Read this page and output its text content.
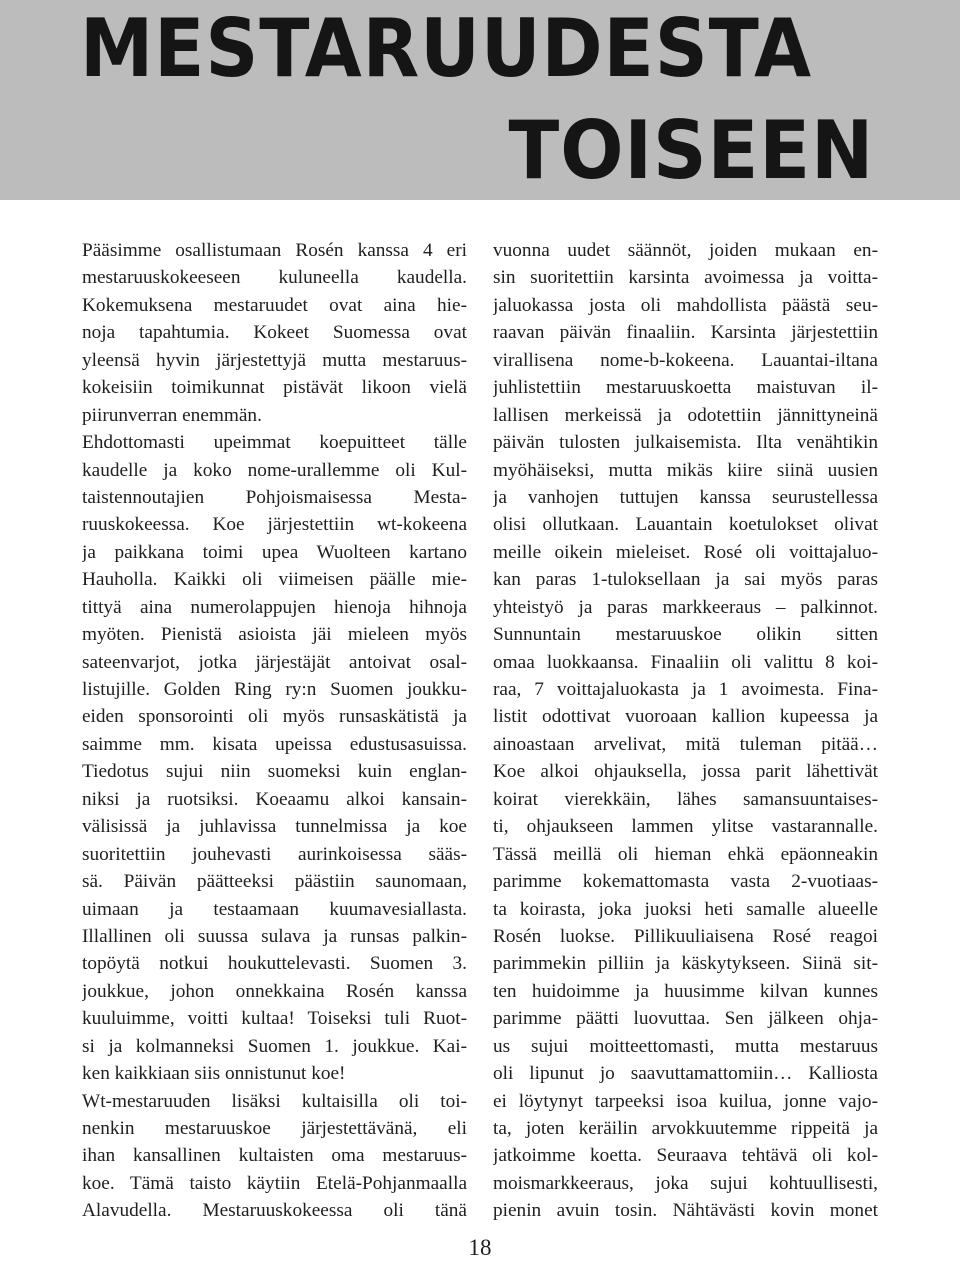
MESTARUUDESTA
TOISEEN
Pääsimme osallistumaan Rosén kanssa 4 eri
mestaruuskokeeseen kuluneella kaudella.
Kokemuksena mestaruudet ovat aina hie-
noja tapahtumia. Kokeet Suomessa ovat
yleensä hyvin järjestettyjä mutta mestaruus-
kokeisiin toimikunnat pistävät likoon vielä
piirunverran enemmän.
Ehdottomasti upeimmat koepuitteet tälle
kaudelle ja koko nome-urallemme oli Kul-
taistennoutajien Pohjoismaisessa Mesta-
ruuskokeessa. Koe järjestettiin wt-kokeena
ja paikkana toimi upea Wuolteen kartano
Hauholla. Kaikki oli viimeisen päälle mie-
tittyä aina numerolappujen hienoja hihnoja
myöten. Pienistä asioista jäi mieleen myös
sateenvarjot, jotka järjestäjät antoivat osal-
listujille. Golden Ring ry:n Suomen joukku-
eiden sponsorointi oli myös runsaskätistä ja
saimme mm. kisata upeissa edustusasuissa.
Tiedotus sujui niin suomeksi kuin englan-
niksi ja ruotsiksi. Koeaamu alkoi kansain-
välisissä ja juhlavissa tunnelmissa ja koe
suoritettiin jouhevasti aurinkoisessa sääs-
sä. Päivän päätteeksi päästiin saunomaan,
uimaan ja testaamaan kuumavesiallasta.
Illallinen oli suussa sulava ja runsas palkin-
topöytä notkui houkuttelevasti. Suomen 3.
joukkue, johon onnekkaina Rosén kanssa
kuuluimme, voitti kultaa! Toiseksi tuli Ruot-
si ja kolmanneksi Suomen 1. joukkue. Kai-
ken kaikkiaan siis onnistunut koe!
Wt-mestaruuden lisäksi kultaisilla oli toi-
nenkin mestaruuskoe järjestettävänä, eli
ihan kansallinen kultaisten oma mestaruus-
koe. Tämä taisto käytiin Etelä-Pohjanmaalla
Alavudella. Mestaruuskokeessa oli tänä
vuonna uudet säännöt, joiden mukaan en-
sin suoritettiin karsinta avoimessa ja voitta-
jaluokassa josta oli mahdollista päästä seu-
raavan päivän finaaliin. Karsinta järjestettiin
virallisena nome-b-kokeena. Lauantai-iltana
juhlistettiin mestaruuskoetta maistuvan il-
lallisen merkeissä ja odotettiin jännittyneinä
päivän tulosten julkaisemista. Ilta venähtikin
myöhäiseksi, mutta mikäs kiire siinä uusien
ja vanhojen tuttujen kanssa seurustellessa
olisi ollutkaan. Lauantain koetulokset olivat
meille oikein mieleiset. Rosé oli voittajaluo-
kan paras 1-tuloksellaan ja sai myös paras
yhteistyö ja paras markkeeraus – palkinnot.
Sunnuntain mestaruuskoe olikin sitten
omaa luokkaansa. Finaaliin oli valittu 8 koi-
raa, 7 voittajaluokasta ja 1 avoimesta. Fina-
listit odottivat vuoroaan kallion kupeessa ja
ainoastaan arvelivat, mitä tuleman pitää…
Koe alkoi ohjauksella, jossa parit lähettivät
koirat vierekkäin, lähes samansuuntaises-
ti, ohjaukseen lammen ylitse vastarannalle.
Tässä meillä oli hieman ehkä epäonneakin
parimme kokemattomasta vasta 2-vuotiaas-
ta koirasta, joka juoksi heti samalle alueelle
Rosén luokse. Pillikuuliaisena Rosé reagoi
parimmekin pilliin ja käskytykseen. Siinä sit-
ten huidoimme ja huusimme kilvan kunnes
parimme päätti luovuttaa. Sen jälkeen ohja-
us sujui moitteettomasti, mutta mestaruus
oli lipunut jo saavuttamattomiin… Kalliosta
ei löytynyt tarpeeksi isoa kuilua, jonne vajo-
ta, joten keräilin arvokkuutemme rippeitä ja
jatkoimme koetta. Seuraava tehtävä oli kol-
moismarkkeeraus, joka sujui kohtuullisesti,
pienin avuin tosin. Nähtävästi kovin monet
18
